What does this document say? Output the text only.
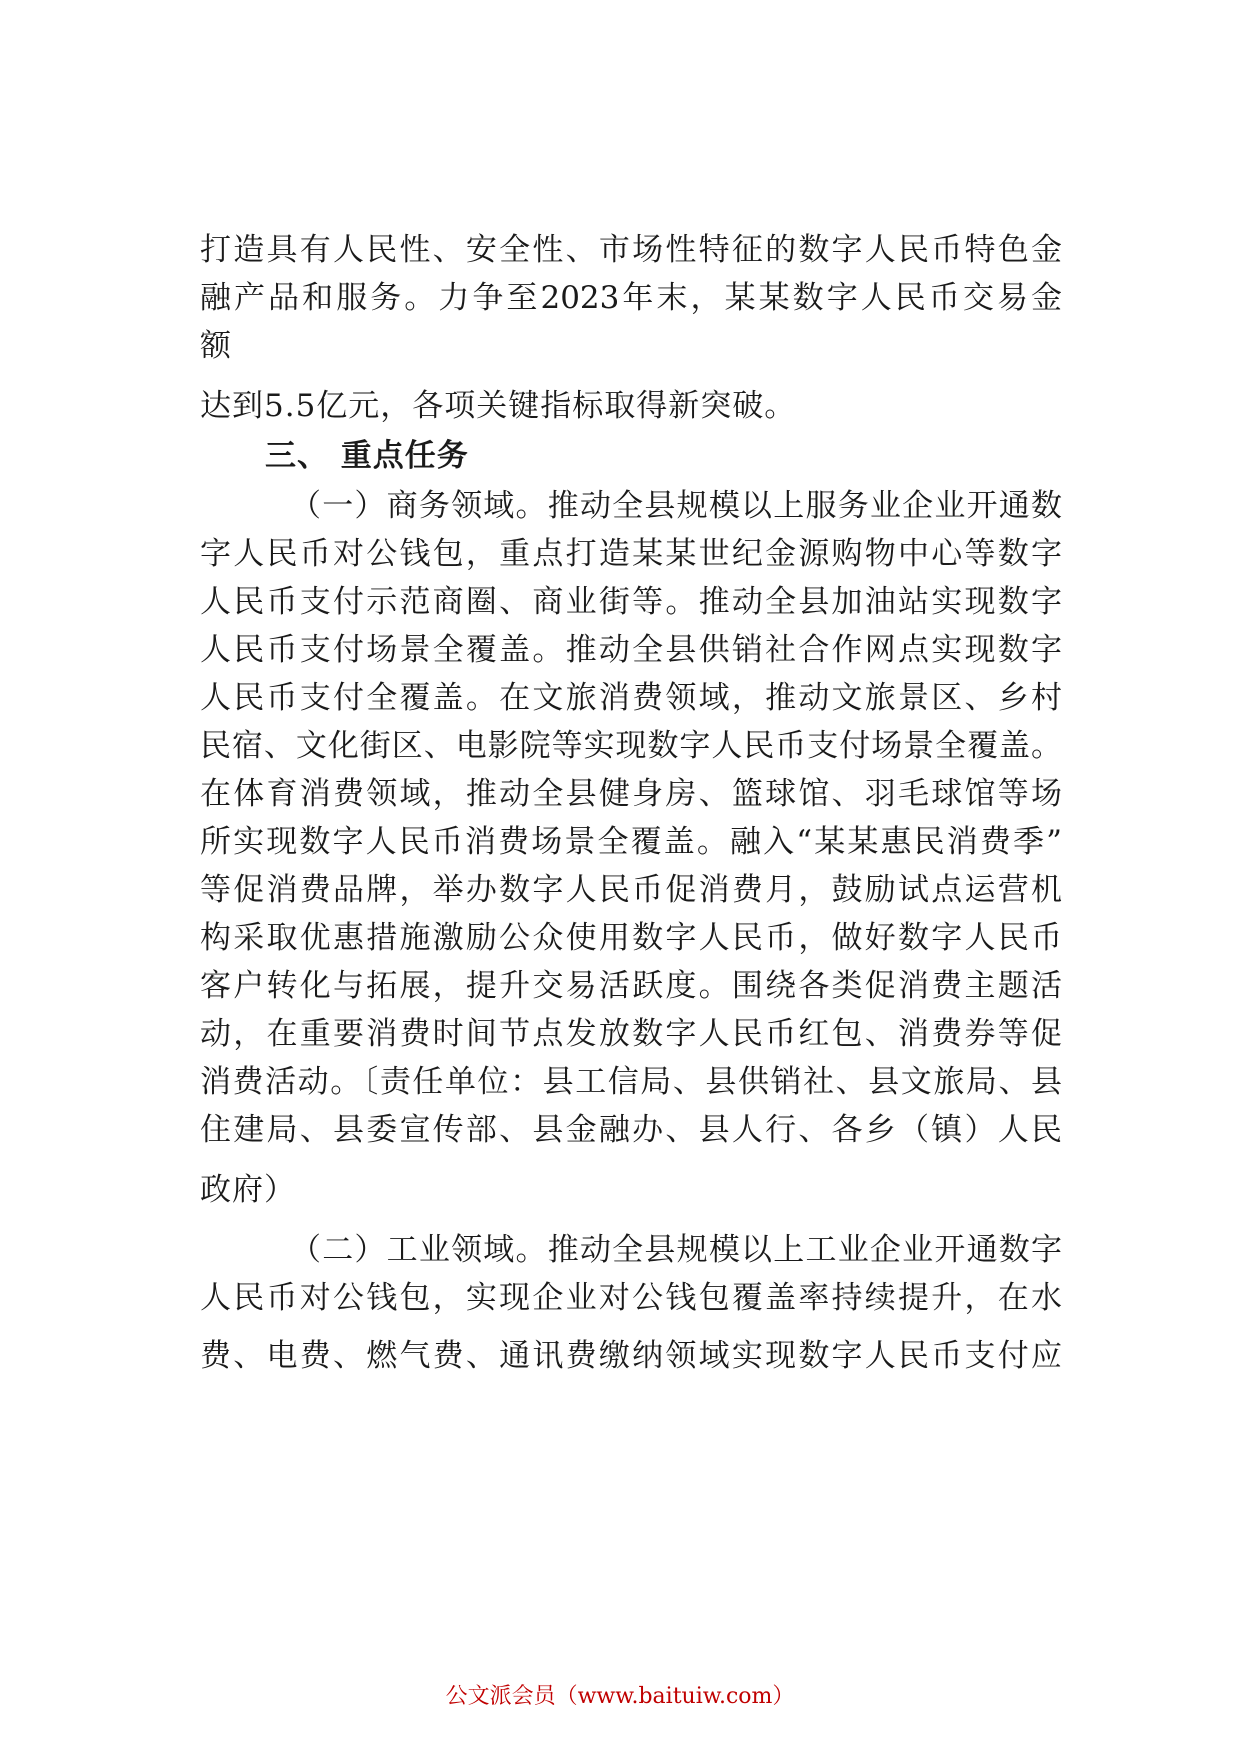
打造具有人民性、安全性、市场性特征的数字人民币特色金
融产品和服务。力争至2023年末，某某数字人民币交易金
额
达到5.5亿元，各项关键指标取得新突破。
三、 重点任务
（一）商务领域。推动全县规模以上服务业企业开通数
字人民币对公钱包，重点打造某某世纪金源购物中心等数字
人民币支付示范商圈、商业街等。推动全县加油站实现数字
人民币支付场景全覆盖。推动全县供销社合作网点实现数字
人民币支付全覆盖。在文旅消费领域，推动文旅景区、乡村
民宿、文化街区、电影院等实现数字人民币支付场景全覆盖。
在体育消费领域，推动全县健身房、篮球馆、羽毛球馆等场
所实现数字人民币消费场景全覆盖。融入“某某惠民消费季”
等促消费品牌，举办数字人民币促消费月，鼓励试点运营机
构采取优惠措施激励公众使用数字人民币，做好数字人民币
客户转化与拓展，提升交易活跃度。围绕各类促消费主题活
动，在重要消费时间节点发放数字人民币红包、消费券等促
消费活动。〔责任单位：县工信局、县供销社、县文旅局、县
住建局、县委宣传部、县金融办、县人行、各乡（镇）人民
政府）
（二）工业领域。推动全县规模以上工业企业开通数字
人民币对公钱包，实现企业对公钱包覆盖率持续提升，在水
费、电费、燃气费、通讯费缴纳领域实现数字人民币支付应
公文派会员（www.baituiw.com）
